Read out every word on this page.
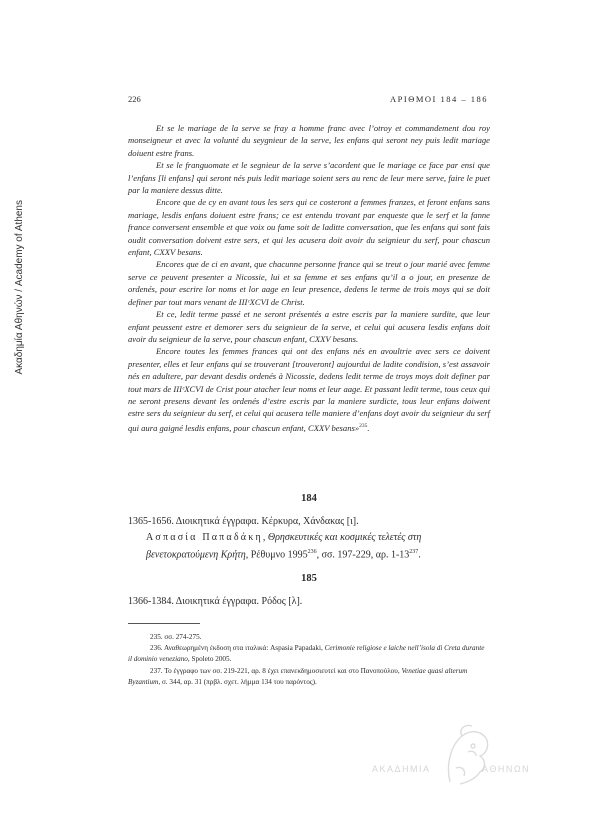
Ακαδημία Αθηνών / Academy of Athens
226	ΑΡΙΘΜΟΙ 184 – 186

Et se le mariage de la serve se fray a homme franc avec l’otroy et commandement dou roy monseigneur et avec la volunté du seygnieur de la serve, les enfans qui seront ney puis ledit mariage doiuent estre frans.

Et se le franguomate et le segnieur de la serve s’acordent que le mariage ce face par ensi que l’enfans [li enfans] qui seront nés puis ledit mariage soient sers au renc de leur mere serve, faire le puet par la maniere dessus ditte.

Encore que de cy en avant tous les sers qui ce costeront a femmes franzes, et feront enfans sans mariage, lesdis enfans doiuent estre frans; ce est entendu trovant par enqueste que le serf et la fanne france conversent ensemble et que voix ou fame soit de laditte conversation, que les enfans qui sont fais oudit conversation doivent estre sers, et qui les acusera doit avoir du seignieur du serf, pour chascun enfant, CXXV besans.

Encores que de ci en avant, que chacunne personne france qui se treut o jour marié avec femme serve ce peuvent presenter a Nicossie, lui et sa femme et ses enfans qu’il a o jour, en presenze de ordenés, pour escrire lor noms et lor aage en leur presence, dedens le terme de trois moys qui se doit definer par tout mars venant de IIIᶜXCVI de Christ.

Et ce, ledit terme passé et ne seront présentés a estre escris par la maniere surdite, que leur enfant peussent estre et demorer sers du seignieur de la serve, et celui qui acusera lesdis enfans doit avoir du seignieur de la serve, pour chascun enfant, CXXV besans.

Encore toutes les femmes frances qui ont des enfans nés en avoultrie avec sers ce doivent presenter, elles et leur enfans qui se trouverant [trouveront] aujourdui de ladite condision, s’est assavoir nés en adultere, par devant desdis ordenés à Nicossie, dedens ledit terme de troys moys doit definer par tout mars de IIIᶜXCVI de Crist pour atacher leur noms et leur aage. Et passant ledit terme, tous ceux qui ne seront presens devant les ordenés d’estre escris par la maniere surdicte, tous leur enfans doiwent estre sers du seignieur du serf, et celui qui acusera telle maniere d’enfans doyt avoir du seignieur du serf qui aura gaigné lesdis enfans, pour chascun enfant, CXXV besans»$^{235}$.

184
1365-1656. Διοικητικά έγγραφα. Κέρκυρα, Χάνδακας [ι].
Ασπασία Παπαδάκη, Θρησκευτικές και κοσμικές τελετές στη βενετοκρατούμενη Κρήτη, Ρέθυμνο 1995$^{236}$, σσ. 197-229, αρ. $1-13^{237}$.
185
1366-1384. Διοικητικά έγγραφα. Ρόδος [λ].

235. σσ. 274-275.

236. Αναθεωρημένη έκδοση στα ιταλικά: Aspasia Papadaki, Cerimonie religiose e laiche nell’isola di Creta durante il dominio veneziano, Spoleto 2005.

237. Το έγγραφο των σσ. 219-221, αρ. 8 έχει επανεκδημοσιευτεί και στο Πανοπούλου, Venetiae quasi alterum Byzantium, σ. 344, αρ. 31 (πρβλ. σχετ. λήμμα 134 του παρόντος).

ΑΚΑΔΗΜΙΑ	ΑΘΗΝΩΝ
